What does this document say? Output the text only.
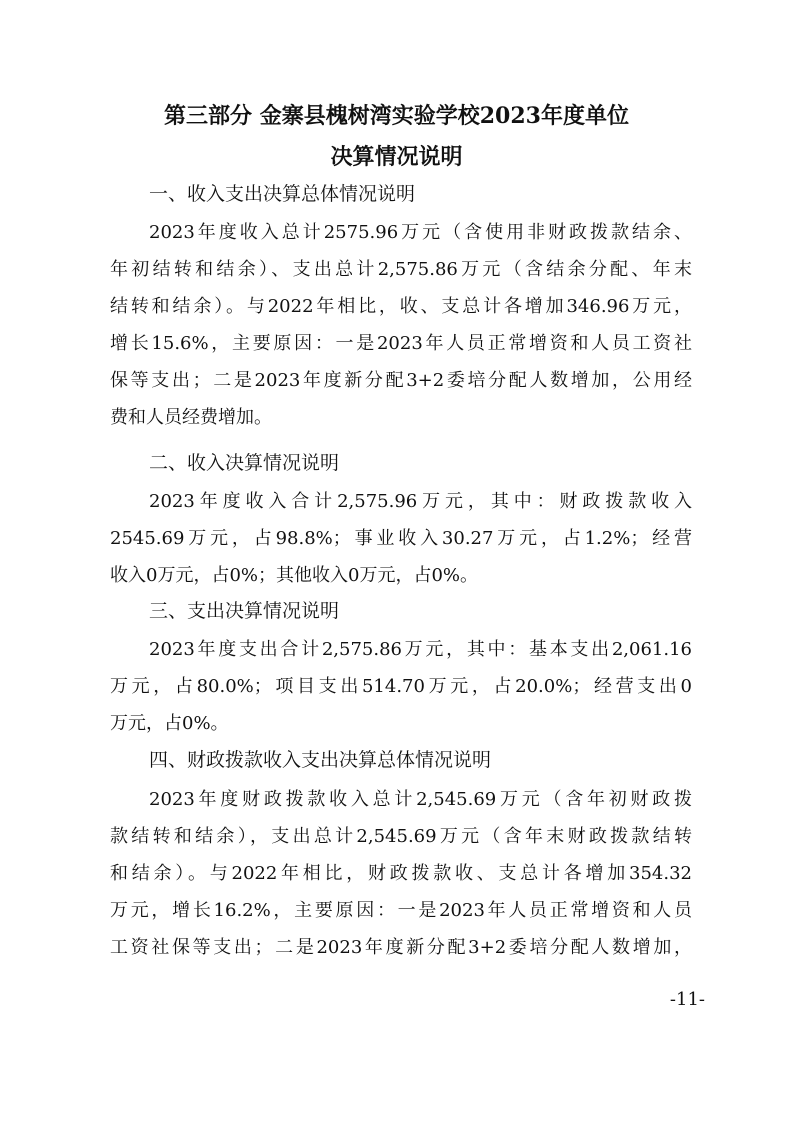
第三部分 金寨县槐树湾实验学校2023年度单位
决算情况说明
一、收入支出决算总体情况说明
2023年度收入总计2575.96万元（含使用非财政拨款结余、
年初结转和结余）、支出总计2,575.86万元（含结余分配、年末
结转和结余）。与2022年相比，收、支总计各增加346.96万元，
增长15.6%，主要原因：一是2023年人员正常增资和人员工资社
保等支出；二是2023年度新分配3+2委培分配人数增加，公用经
费和人员经费增加。
二、收入决算情况说明
2023年度收入合计2,575.96万元，其中：财政拨款收入
2545.69万元，占98.8%；事业收入30.27万元，占1.2%；经营
收入0万元，占0%；其他收入0万元，占0%。
三、支出决算情况说明
2023年度支出合计2,575.86万元，其中：基本支出2,061.16
万元，占80.0%；项目支出514.70万元，占20.0%；经营支出0
万元，占0%。
四、财政拨款收入支出决算总体情况说明
2023年度财政拨款收入总计2,545.69万元（含年初财政拨
款结转和结余），支出总计2,545.69万元（含年末财政拨款结转
和结余）。与2022年相比，财政拨款收、支总计各增加354.32
万元，增长16.2%，主要原因：一是2023年人员正常增资和人员
工资社保等支出；二是2023年度新分配3+2委培分配人数增加，
-11-
